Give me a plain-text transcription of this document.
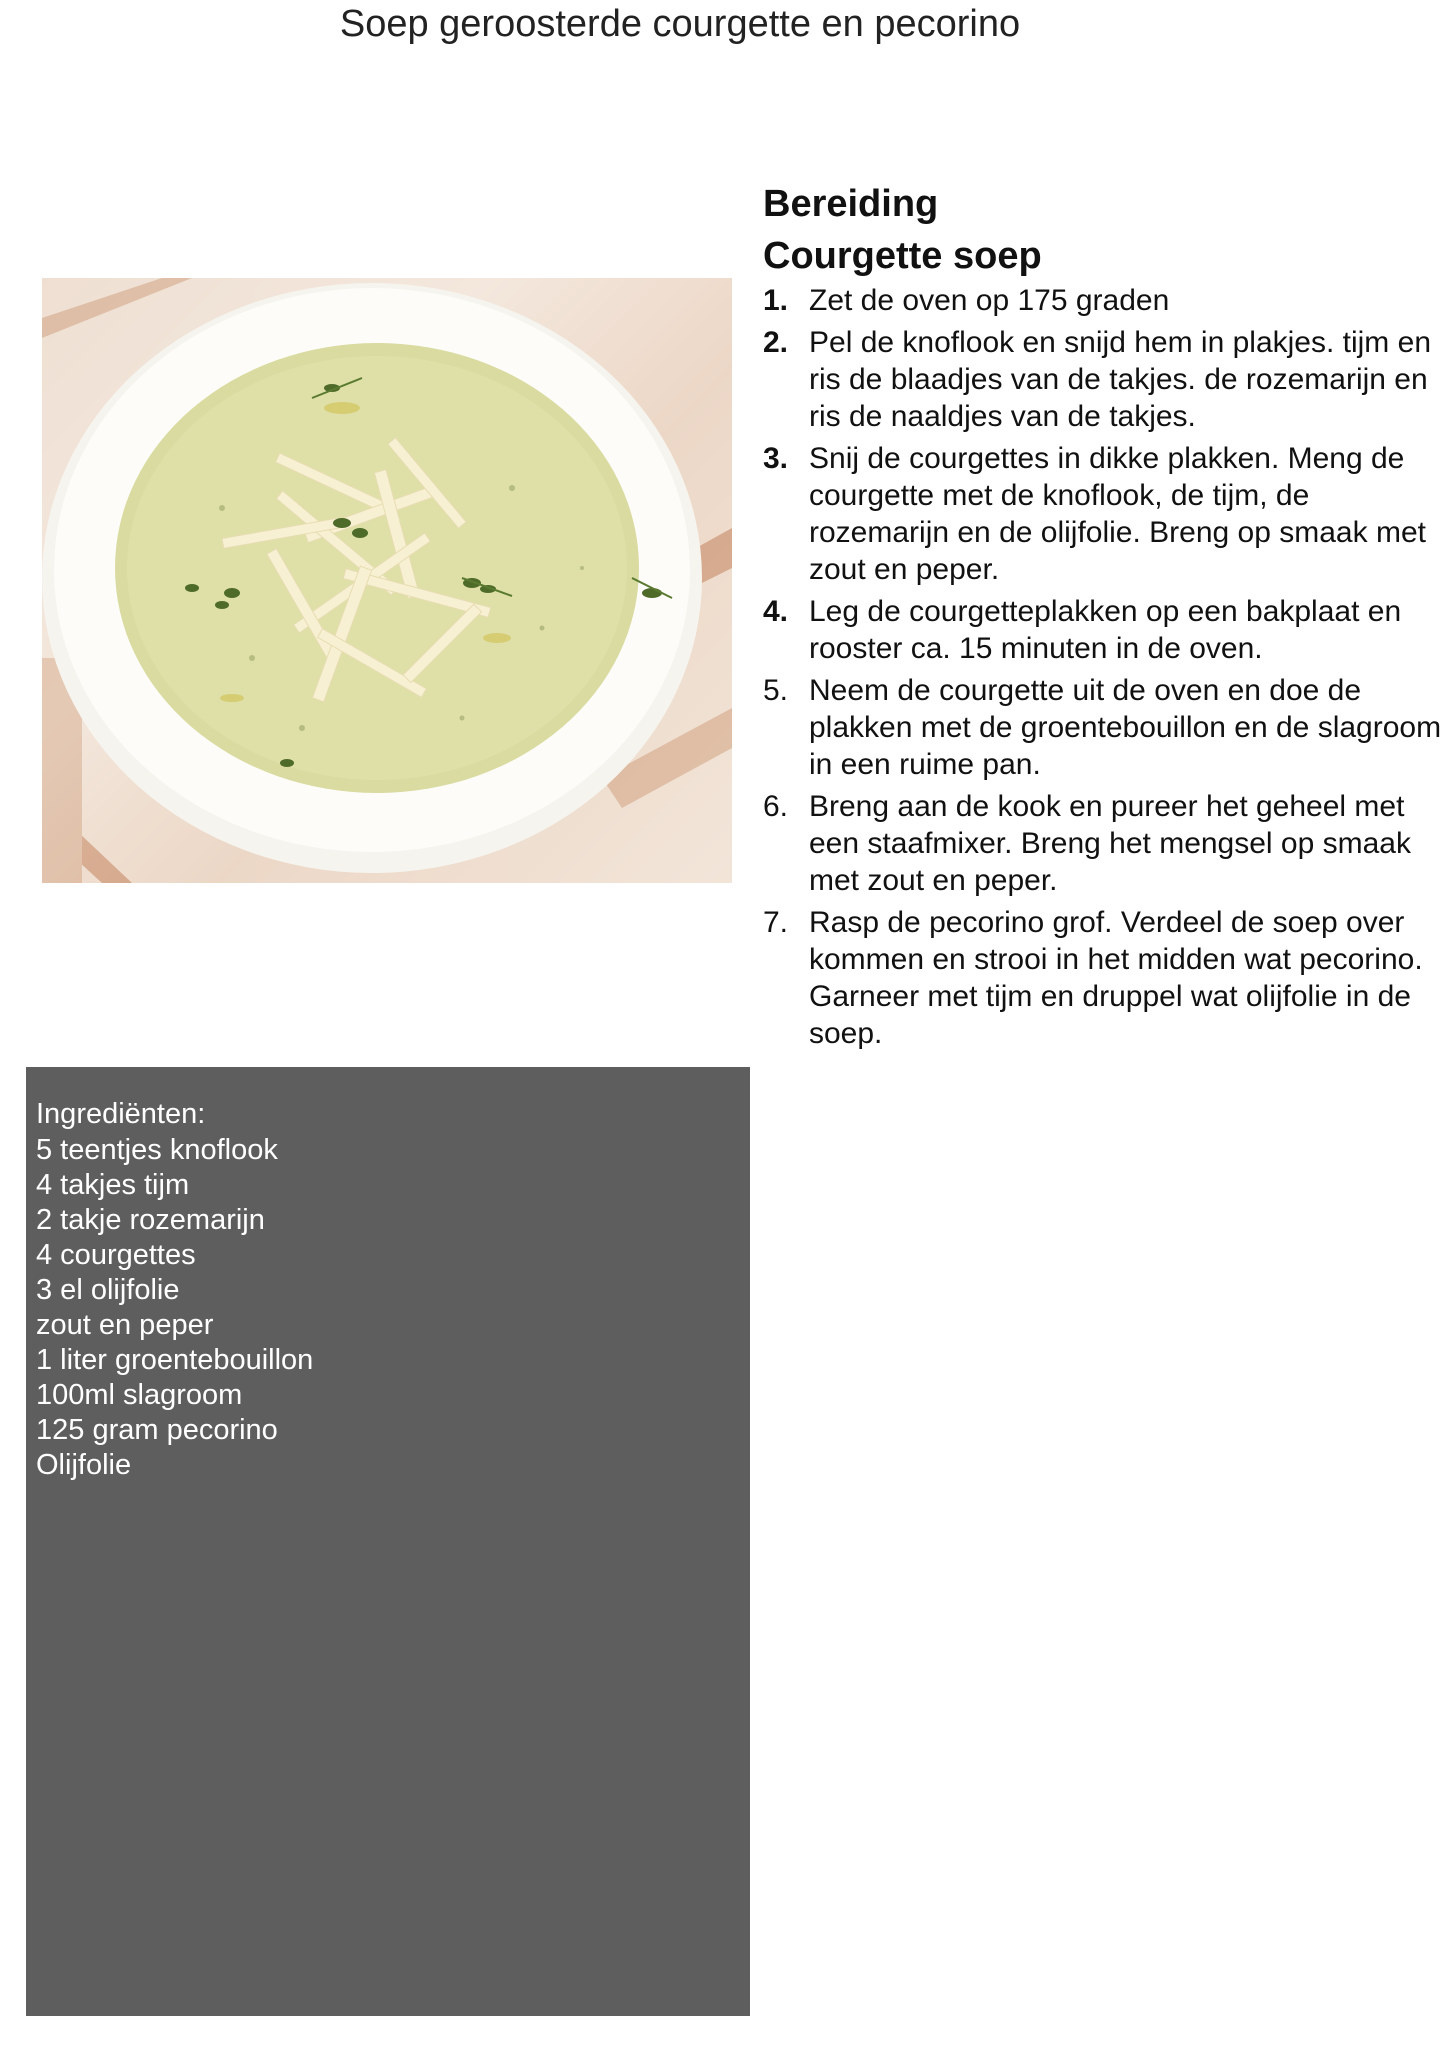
Soep geroosterde courgette en pecorino
Bereiding
Courgette soep
1. Zet de oven op 175 graden
2. Pel de knoflook en snijd hem in plakjes. tijm en ris de blaadjes van de takjes. de rozemarijn en ris de naaldjes van de takjes.
3. Snij de courgettes in dikke plakken. Meng de courgette met de knoflook, de tijm, de rozemarijn en de olijfolie. Breng op smaak met zout en peper.
4. Leg de courgetteplakken op een bakplaat en rooster ca. 15 minuten in de oven.
5. Neem de courgette uit de oven en doe de plakken met de groentebouillon en de slagroom in een ruime pan.
6. Breng aan de kook en pureer het geheel met een staafmixer. Breng het mengsel op smaak met zout en peper.
7. Rasp de pecorino grof. Verdeel de soep over kommen en strooi in het midden wat pecorino. Garneer met tijm en druppel wat olijfolie in de soep.
Ingrediënten:
5 teentjes knoflook
4 takjes tijm
2 takje rozemarijn
4 courgettes
3 el olijfolie
zout en peper
1 liter groentebouillon
100ml slagroom
125 gram pecorino
Olijfolie
